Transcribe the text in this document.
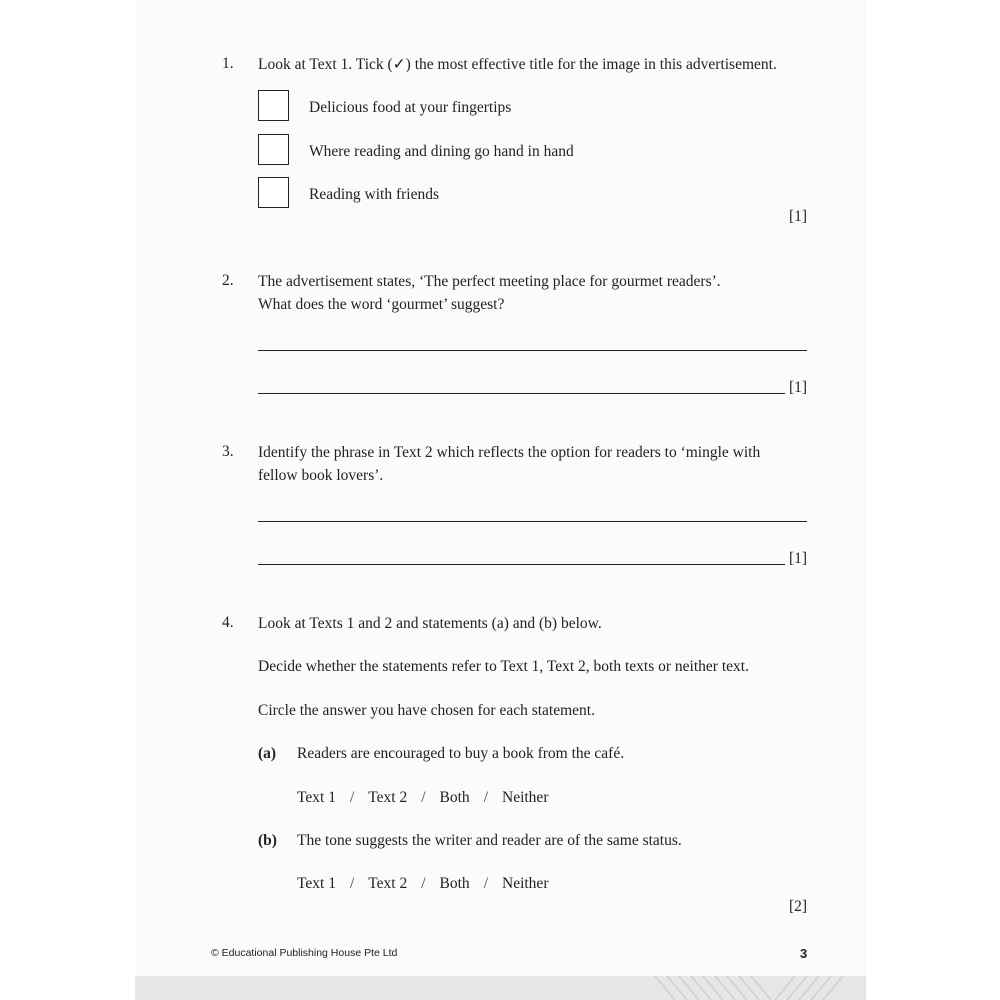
1. Look at Text 1. Tick (✓) the most effective title for the image in this advertisement.
Delicious food at your fingertips
Where reading and dining go hand in hand
Reading with friends
[1]
2. The advertisement states, ‘The perfect meeting place for gourmet readers’.
What does the word ‘gourmet’ suggest?
[1]
3. Identify the phrase in Text 2 which reflects the option for readers to ‘mingle with
fellow book lovers’.
[1]
4. Look at Texts 1 and 2 and statements (a) and (b) below.
Decide whether the statements refer to Text 1, Text 2, both texts or neither text.
Circle the answer you have chosen for each statement.
(a) Readers are encouraged to buy a book from the café.
Text 1 / Text 2 / Both / Neither
(b) The tone suggests the writer and reader are of the same status.
Text 1 / Text 2 / Both / Neither
[2]
© Educational Publishing House Pte Ltd	3
